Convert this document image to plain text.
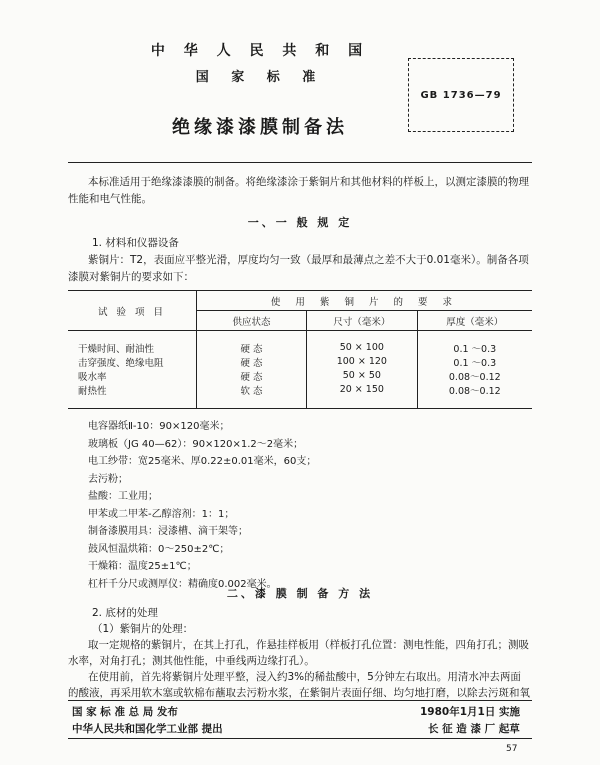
中 华 人 民 共 和 国
国 家 标 准
绝缘漆漆膜制备法
GB 1736—79
本标准适用于绝缘漆漆膜的制备。将绝缘漆涂于紫铜片和其他材料的样板上，以测定漆膜的物理
性能和电气性能。
一、一 般 规 定
1. 材料和仪器设备
紫铜片：T2，表面应平整光滑，厚度均匀一致（最厚和最薄点之差不大于0.01毫米）。制备各项
漆膜对紫铜片的要求如下：
试 验 项 目	使 用 紫 铜 片 的 要 求		
	供应状态	尺寸（毫米）	厚度（毫米）

干燥时间、耐油性	硬 态	50 × 100	0.1 ～0.3
击穿强度、绝缘电阻	硬 态	100 × 120	0.1 ～0.3
吸水率	硬 态	50 × 50	0.08～0.12
耐热性	软 态	20 × 150	0.08～0.12

电容器纸Ⅱ-10：90×120毫米；
玻璃板（JG 40—62）：90×120×1.2～2毫米；
电工纱带：宽25毫米、厚0.22±0.01毫米，60支；
去污粉；
盐酸：工业用；
甲苯或二甲苯-乙醇溶剂：1：1；
制备漆膜用具：浸漆槽、滴干架等；
鼓风恒温烘箱：0～250±2℃；
干燥箱：温度25±1℃；
杠杆千分尺或测厚仪：精确度0.002毫米。
二、漆 膜 制 备 方 法
2. 底材的处理
（1）紫铜片的处理：
取一定规格的紫铜片，在其上打孔，作悬挂样板用（样板打孔位置：测电性能，四角打孔；测吸
水率，对角打孔；测其他性能，中垂线两边缘打孔）。
在使用前，首先将紫铜片处理平整，浸入约3%的稀盐酸中，5分钟左右取出。用清水冲去两面
的酸液，再采用软木塞或软棉布蘸取去污粉水浆，在紫铜片表面仔细、均匀地打磨，以除去污斑和氧
国 家 标 准 总 局 发布
中华人民共和国化学工业部 提出
1980年1月1日 实施
长 征 造 漆 厂 起草
57
